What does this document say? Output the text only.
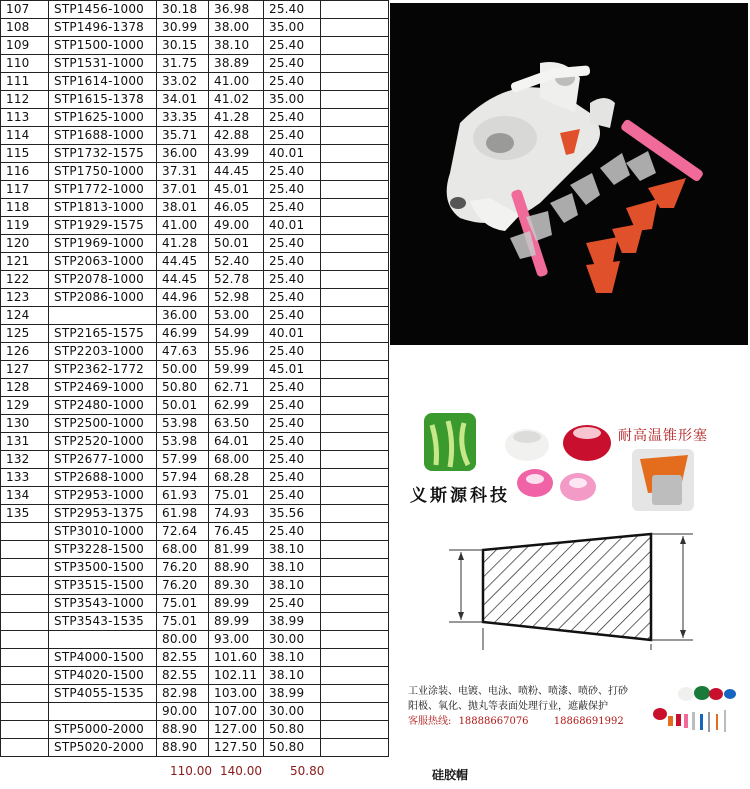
107	STP1456-1000	30.18	36.98	25.40	
108	STP1496-1378	30.99	38.00	35.00	
109	STP1500-1000	30.15	38.10	25.40	
110	STP1531-1000	31.75	38.89	25.40	
111	STP1614-1000	33.02	41.00	25.40	
112	STP1615-1378	34.01	41.02	35.00	
113	STP1625-1000	33.35	41.28	25.40	
114	STP1688-1000	35.71	42.88	25.40	
115	STP1732-1575	36.00	43.99	40.01	
116	STP1750-1000	37.31	44.45	25.40	
117	STP1772-1000	37.01	45.01	25.40	
118	STP1813-1000	38.01	46.05	25.40	
119	STP1929-1575	41.00	49.00	40.01	
120	STP1969-1000	41.28	50.01	25.40	
121	STP2063-1000	44.45	52.40	25.40	
122	STP2078-1000	44.45	52.78	25.40	
123	STP2086-1000	44.96	52.98	25.40	
124		36.00	53.00	25.40	
125	STP2165-1575	46.99	54.99	40.01	
126	STP2203-1000	47.63	55.96	25.40	
127	STP2362-1772	50.00	59.99	45.01	
128	STP2469-1000	50.80	62.71	25.40	
129	STP2480-1000	50.01	62.99	25.40	
130	STP2500-1000	53.98	63.50	25.40	
131	STP2520-1000	53.98	64.01	25.40	
132	STP2677-1000	57.99	68.00	25.40	
133	STP2688-1000	57.94	68.28	25.40	
134	STP2953-1000	61.93	75.01	25.40	
135	STP2953-1375	61.98	74.93	35.56	
	STP3010-1000	72.64	76.45	25.40	
	STP3228-1500	68.00	81.99	38.10	
	STP3500-1500	76.20	88.90	38.10	
	STP3515-1500	76.20	89.30	38.10	
	STP3543-1000	75.01	89.99	25.40	
	STP3543-1535	75.01	89.99	38.99	
		80.00	93.00	30.00	
	STP4000-1500	82.55	101.60	38.10	
	STP4020-1500	82.55	102.11	38.10	
	STP4055-1535	82.98	103.00	38.99	
		90.00	107.00	30.00	
	STP5000-2000	88.90	127.00	50.80	
	STP5020-2000	88.90	127.50	50.80	
110.00 140.00 50.80
耐高温锥形塞
义斯源科技
工业涂装、电镀、电泳、喷粉、喷漆、喷砂、打砂
阳极、氧化、抛丸等表面处理行业，遮蔽保护
客服热线: 18888667076	18868691992
硅胶帽
